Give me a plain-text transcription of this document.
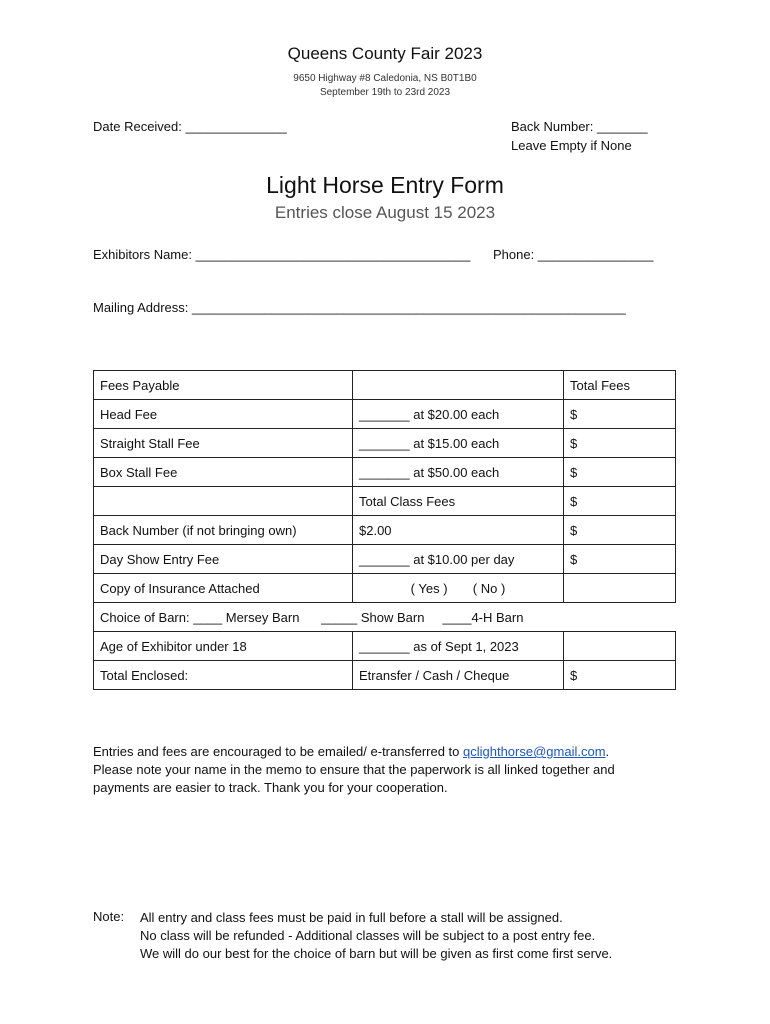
Queens County Fair 2023
9650 Highway #8 Caledonia, NS B0T1B0
September 19th to 23rd 2023
Date Received: ______________	Back Number: _______
Leave Empty if None
Light Horse Entry Form
Entries close August 15 2023
Exhibitors Name: ______________________________________ Phone: ________________
Mailing Address: ____________________________________________________________
Fees Payable		Total Fees
Head Fee	_______ at $20.00 each	$
Straight Stall Fee	_______ at $15.00 each	$
Box Stall Fee	_______ at $50.00 each	$
	Total Class Fees	$
Back Number (if not bringing own)	$2.00	$
Day Show Entry Fee	_______ at $10.00 per day	$
Copy of Insurance Attached	( Yes )       ( No )	
Choice of Barn: ____ Mersey Barn      _____ Show Barn     ____4-H Barn		
Age of Exhibitor under 18	_______ as of Sept 1, 2023	
Total Enclosed:	Etransfer / Cash / Cheque	$
Entries and fees are encouraged to be emailed/ e-transferred to qclighthorse@gmail.com.
Please note your name in the memo to ensure that the paperwork is all linked together and
payments are easier to track. Thank you for your cooperation.
Note: All entry and class fees must be paid in full before a stall will be assigned.
No class will be refunded - Additional classes will be subject to a post entry fee.
We will do our best for the choice of barn but will be given as first come first serve.
